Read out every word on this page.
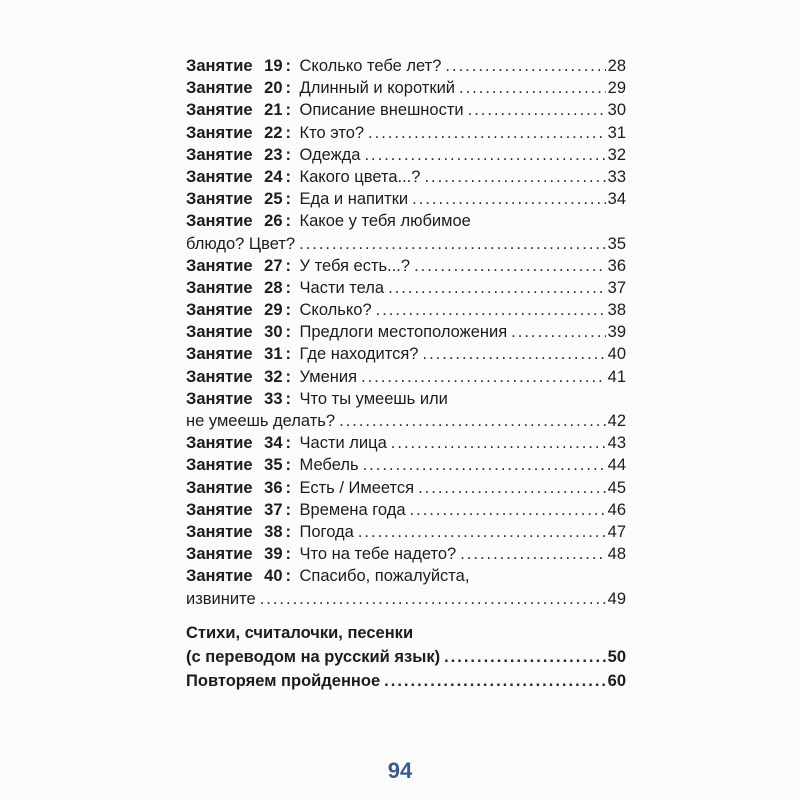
Занятие 19 : Сколько тебе лет? .....	28
Занятие 20 : Длинный и короткий .....	29
Занятие 21 : Описание внешности .....	30
Занятие 22 : Кто это? .....	31
Занятие 23 : Одежда .....	32
Занятие 24 : Какого цвета...? .....	33
Занятие 25 : Еда и напитки .....	34
Занятие 26 : Какое у тебя любимое
блюдо? Цвет? .....	35
Занятие 27 : У тебя есть...? .....	36
Занятие 28 : Части тела .....	37
Занятие 29 : Сколько? .....	38
Занятие 30 : Предлоги местоположения .....	39
Занятие 31 : Где находится? .....	40
Занятие 32 : Умения .....	41
Занятие 33 : Что ты умеешь или
не умеешь делать? .....	42
Занятие 34 : Части лица .....	43
Занятие 35 : Мебель .....	44
Занятие 36 : Есть / Имеется .....	45
Занятие 37 : Времена года .....	46
Занятие 38 : Погода .....	47
Занятие 39 : Что на тебе надето? .....	48
Занятие 40 : Спасибо, пожалуйста,
извините .....	49
Стихи, считалочки, песенки
(с переводом на русский язык) .....	50
Повторяем пройденное .....	60
94
